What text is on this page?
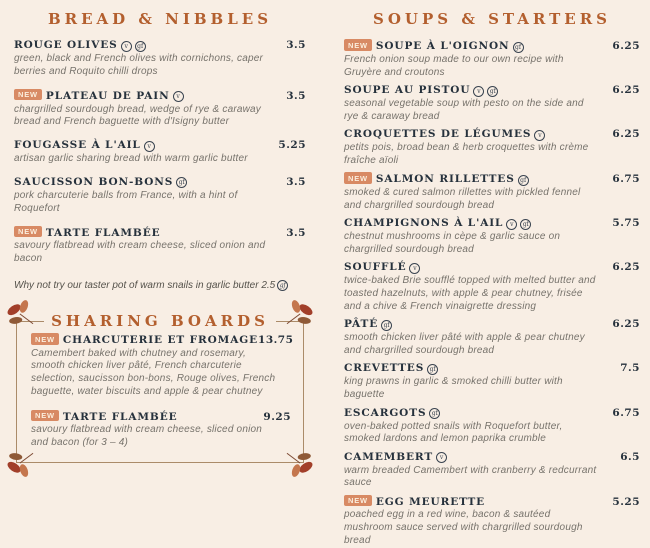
BREAD & NIBBLES
ROUGE OLIVES v gf	3.5
green, black and French olives with cornichons, caper berries and Roquito chilli drops
NEW PLATEAU DE PAIN v	3.5
chargrilled sourdough bread, wedge of rye & caraway bread and French baguette with d'Isigny butter
FOUGASSE À L'AIL v	5.25
artisan garlic sharing bread with warm garlic butter
SAUCISSON BON-BONS gf	3.5
pork charcuterie balls from France, with a hint of Roquefort
NEW TARTE FLAMBÉE	3.5
savoury flatbread with cream cheese, sliced onion and bacon
Why not try our taster pot of warm snails in garlic butter 2.5 gf
SHARING BOARDS
NEW CHARCUTERIE ET FROMAGE 13.75
Camembert baked with chutney and rosemary, smooth chicken liver pâté, French charcuterie selection, saucisson bon-bons, Rouge olives, French baguette, water biscuits and apple & pear chutney
NEW TARTE FLAMBÉE	9.25
savoury flatbread with cream cheese, sliced onion and bacon (for 3 – 4)
SOUPS & STARTERS
NEW SOUPE À L'OIGNON gf	6.25
French onion soup made to our own recipe with Gruyère and croutons
SOUPE AU PISTOU v gf	6.25
seasonal vegetable soup with pesto on the side and rye & caraway bread
CROQUETTES DE LÉGUMES v	6.25
petits pois, broad bean & herb croquettes with crème fraîche aïoli
NEW SALMON RILLETTES gf	6.75
smoked & cured salmon rillettes with pickled fennel and chargrilled sourdough bread
CHAMPIGNONS À L'AIL v gf	5.75
chestnut mushrooms in cèpe & garlic sauce on chargrilled sourdough bread
SOUFFLÉ v	6.25
twice-baked Brie soufflé topped with melted butter and toasted hazelnuts, with apple & pear chutney, frisée and a chive & French vinaigrette dressing
PÂTÉ gf	6.25
smooth chicken liver pâté with apple & pear chutney and chargrilled sourdough bread
CREVETTES gf	7.5
king prawns in garlic & smoked chilli butter with baguette
ESCARGOTS gf	6.75
oven-baked potted snails with Roquefort butter, smoked lardons and lemon paprika crumble
CAMEMBERT v	6.5
warm breaded Camembert with cranberry & redcurrant sauce
NEW EGG MEURETTE	5.25
poached egg in a red wine, bacon & sautéed mushroom sauce served with chargrilled sourdough bread
